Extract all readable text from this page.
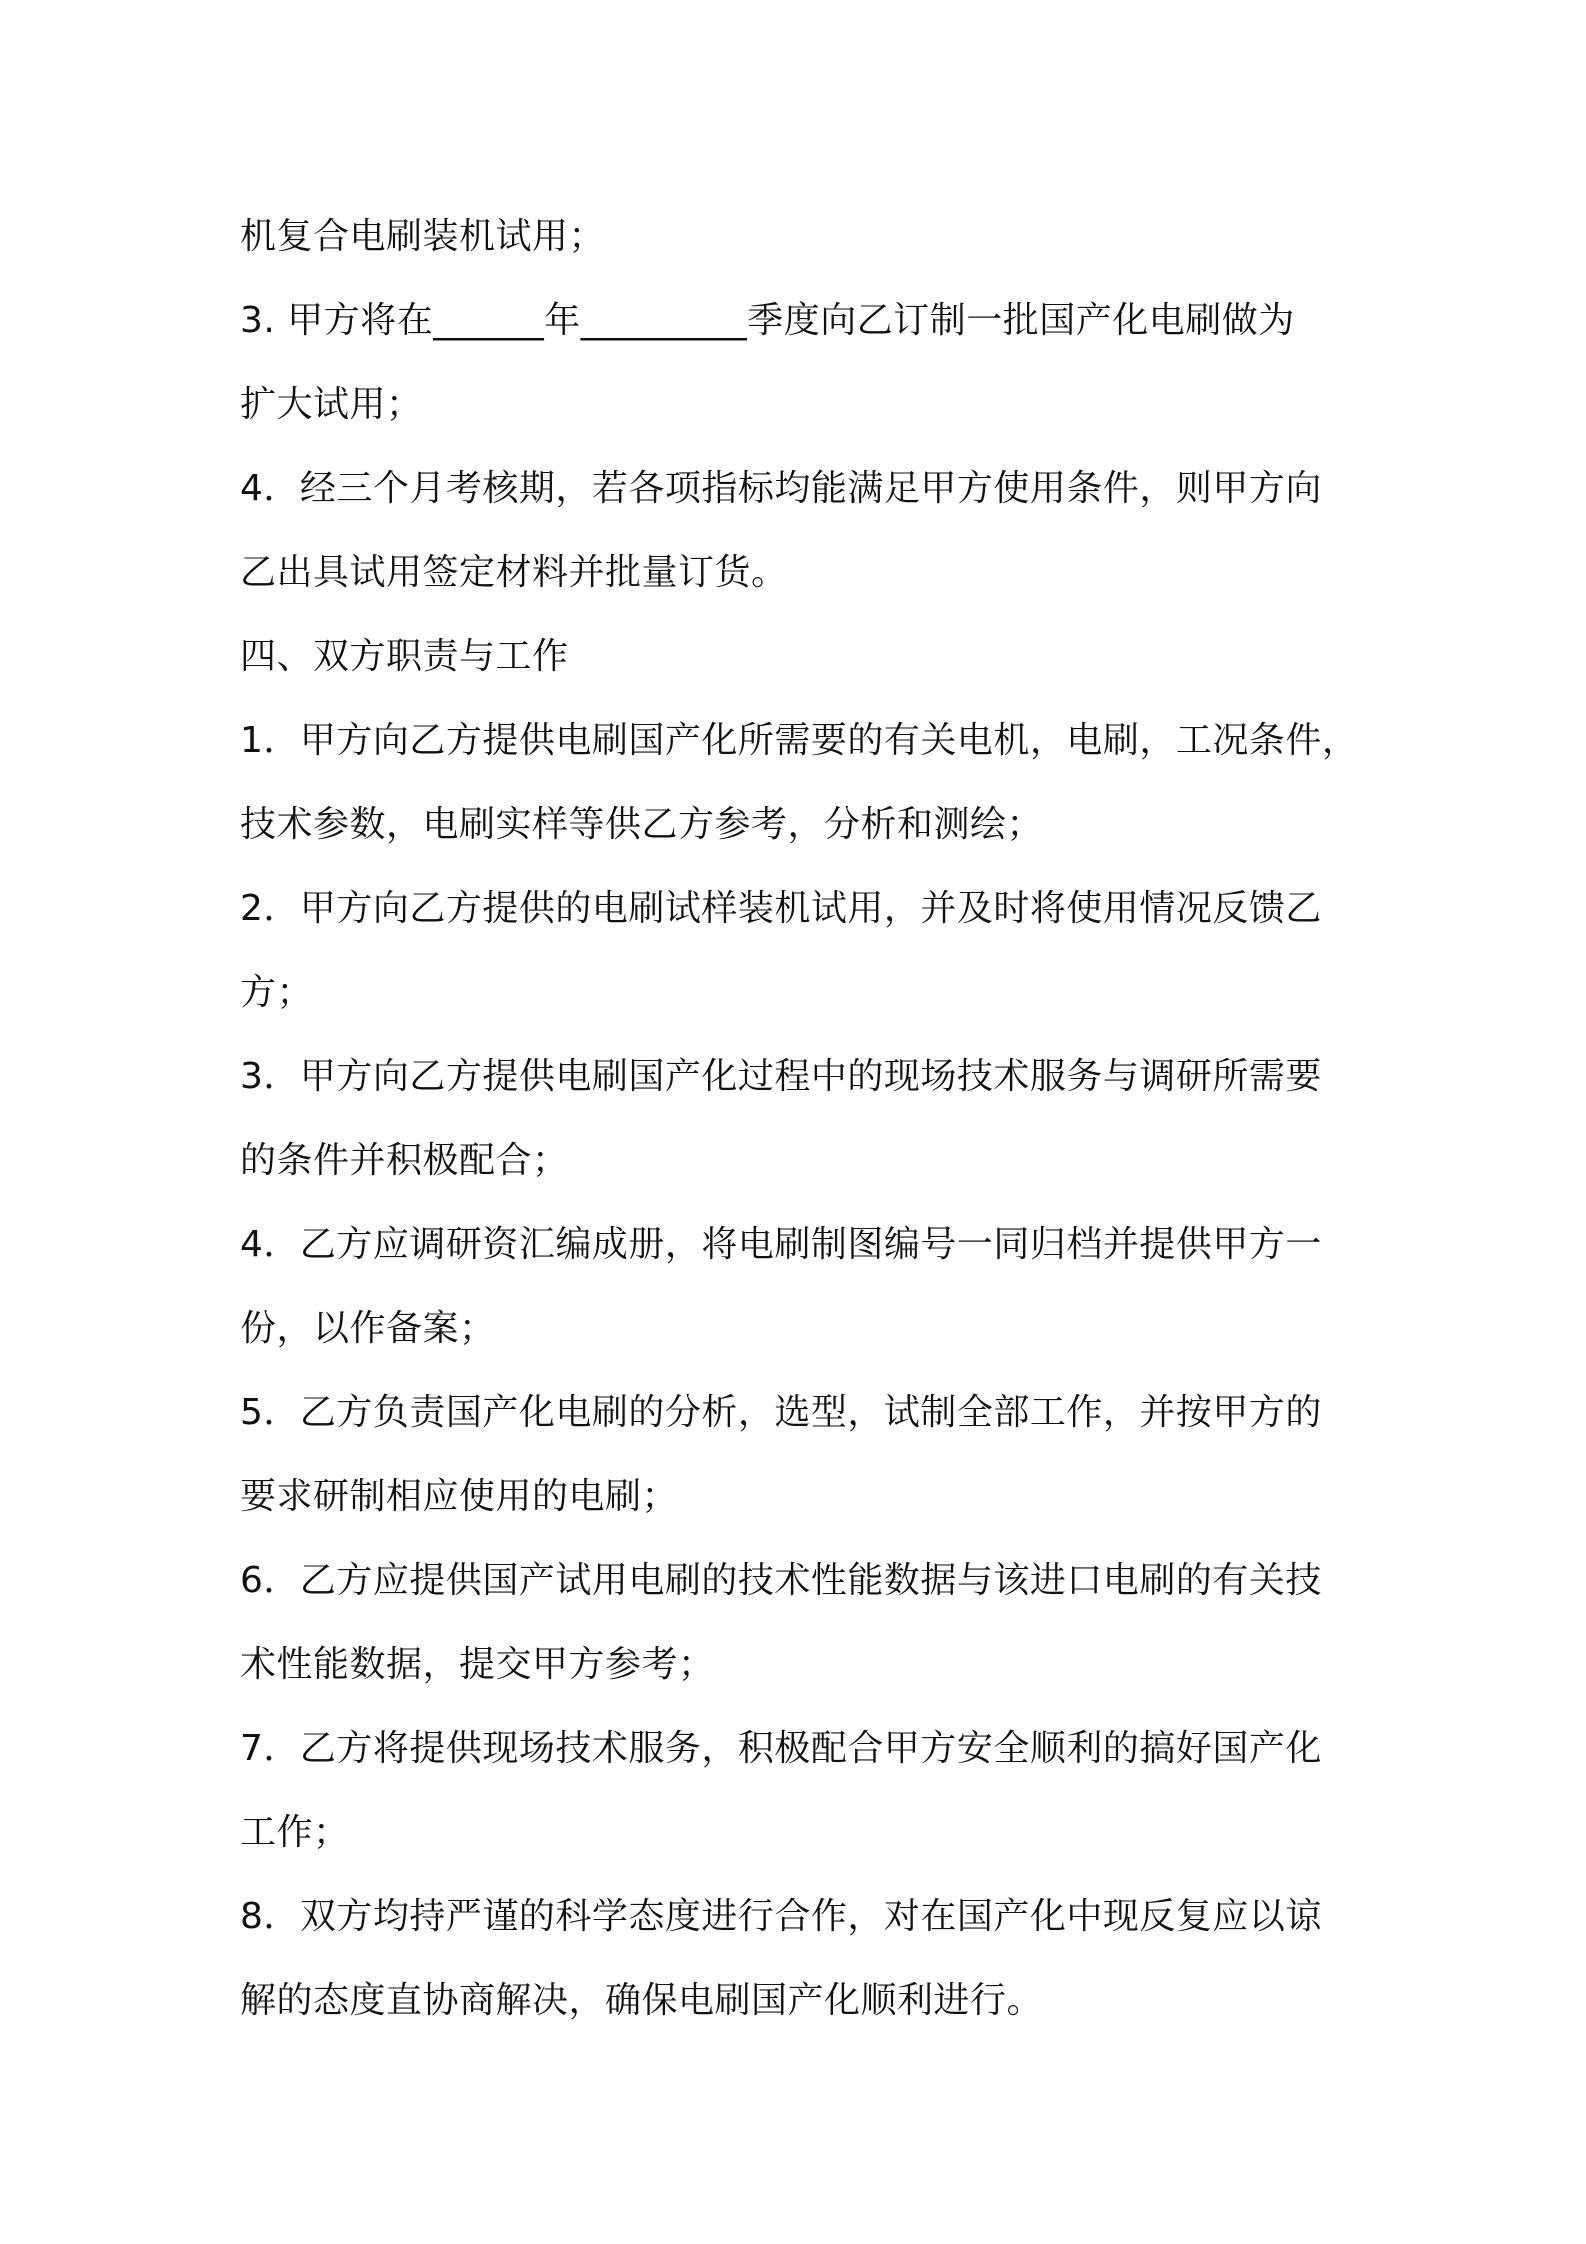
机复合电刷装机试用；
3. 甲方将在______年_________季度向乙订制一批国产化电刷做为
扩大试用；
4．经三个月考核期，若各项指标均能满足甲方使用条件，则甲方向
乙出具试用签定材料并批量订货。
四、双方职责与工作
1．甲方向乙方提供电刷国产化所需要的有关电机，电刷，工况条件，
技术参数，电刷实样等供乙方参考，分析和测绘；
2．甲方向乙方提供的电刷试样装机试用，并及时将使用情况反馈乙
方；
3．甲方向乙方提供电刷国产化过程中的现场技术服务与调研所需要
的条件并积极配合；
4．乙方应调研资汇编成册，将电刷制图编号一同归档并提供甲方一
份，以作备案；
5．乙方负责国产化电刷的分析，选型，试制全部工作，并按甲方的
要求研制相应使用的电刷；
6．乙方应提供国产试用电刷的技术性能数据与该进口电刷的有关技
术性能数据，提交甲方参考；
7．乙方将提供现场技术服务，积极配合甲方安全顺利的搞好国产化
工作；
8．双方均持严谨的科学态度进行合作，对在国产化中现反复应以谅
解的态度直协商解决，确保电刷国产化顺利进行。
